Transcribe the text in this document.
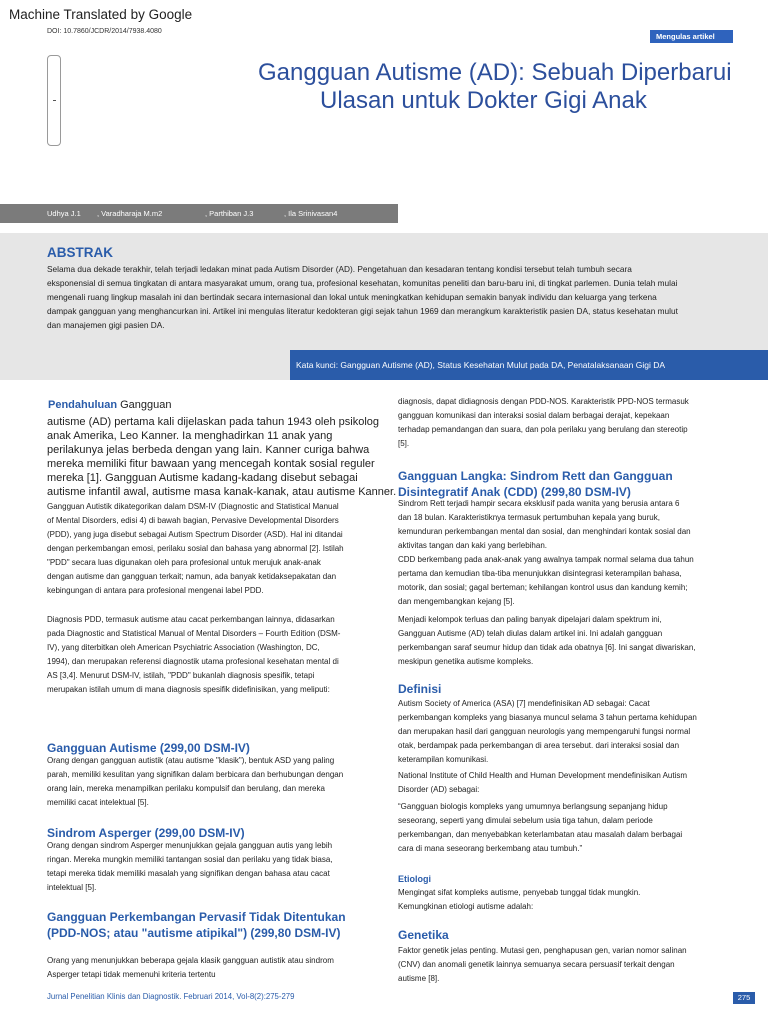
Machine Translated by Google
DOI: 10.7860/JCDR/2014/7938.4080
Mengulas artikel
Gangguan Autisme (AD): Sebuah Diperbarui
Ulasan untuk Dokter Gigi Anak
Udhya J.1 , Varadharaja M.m2	, Parthiban J.3	, Ila Srinivasan4
ABSTRAK
Selama dua dekade terakhir, telah terjadi ledakan minat pada Autism Disorder (AD). Pengetahuan dan kesadaran tentang kondisi tersebut telah tumbuh secara
eksponensial di semua tingkatan di antara masyarakat umum, orang tua, profesional kesehatan, komunitas peneliti dan baru-baru ini, di tingkat parlemen. Dunia telah mulai
mengenali ruang lingkup masalah ini dan bertindak secara internasional dan lokal untuk meningkatkan kehidupan semakin banyak individu dan keluarga yang terkena
dampak gangguan yang menghancurkan ini. Artikel ini mengulas literatur kedokteran gigi sejak tahun 1969 dan merangkum karakteristik pasien DA, status kesehatan mulut
dan manajemen gigi pasien DA.
Kata kunci: Gangguan Autisme (AD), Status Kesehatan Mulut pada DA, Penatalaksanaan Gigi DA
Pendahuluan Gangguan
autisme (AD) pertama kali dijelaskan pada tahun 1943 oleh psikolog
anak Amerika, Leo Kanner. Ia menghadirkan 11 anak yang
perilakunya jelas berbeda dengan yang lain. Kanner curiga bahwa
mereka memiliki fitur bawaan yang mencegah kontak sosial reguler
mereka [1]. Gangguan Autisme kadang-kadang disebut sebagai
autisme infantil awal, autisme masa kanak-kanak, atau autisme Kanner.
Gangguan Autistik dikategorikan dalam DSM-IV (Diagnostic and Statistical Manual
of Mental Disorders, edisi 4) di bawah bagian, Pervasive Developmental Disorders
(PDD), yang juga disebut sebagai Autism Spectrum Disorder (ASD). Hal ini ditandai
dengan perkembangan emosi, perilaku sosial dan bahasa yang abnormal [2]. Istilah
"PDD" secara luas digunakan oleh para profesional untuk merujuk anak-anak
dengan autisme dan gangguan terkait; namun, ada banyak ketidaksepakatan dan
kebingungan di antara para profesional mengenai label PDD.
Diagnosis PDD, termasuk autisme atau cacat perkembangan lainnya, didasarkan
pada Diagnostic and Statistical Manual of Mental Disorders – Fourth Edition (DSM-
IV), yang diterbitkan oleh American Psychiatric Association (Washington, DC,
1994), dan merupakan referensi diagnostik utama profesional kesehatan mental di
AS [3,4]. Menurut DSM-IV, istilah, "PDD" bukanlah diagnosis spesifik, tetapi
merupakan istilah umum di mana diagnosis spesifik didefinisikan, yang meliputi:
Gangguan Autisme (299,00 DSM-IV)
Orang dengan gangguan autistik (atau autisme "klasik"), bentuk ASD yang paling
parah, memiliki kesulitan yang signifikan dalam berbicara dan berhubungan dengan
orang lain, mereka menampilkan perilaku kompulsif dan berulang, dan mereka
memiliki cacat intelektual [5].
Sindrom Asperger (299,00 DSM-IV)
Orang dengan sindrom Asperger menunjukkan gejala gangguan autis yang lebih
ringan. Mereka mungkin memiliki tantangan sosial dan perilaku yang tidak biasa,
tetapi mereka tidak memiliki masalah yang signifikan dengan bahasa atau cacat
intelektual [5].
Gangguan Perkembangan Pervasif Tidak Ditentukan
(PDD-NOS; atau "autisme atipikal") (299,80 DSM-IV)
Orang yang menunjukkan beberapa gejala klasik gangguan autistik atau sindrom
Asperger tetapi tidak memenuhi kriteria tertentu
diagnosis, dapat didiagnosis dengan PDD-NOS. Karakteristik PPD-NOS termasuk
gangguan komunikasi dan interaksi sosial dalam berbagai derajat, kepekaan
terhadap pemandangan dan suara, dan pola perilaku yang berulang dan stereotip
[5].
Gangguan Langka: Sindrom Rett dan Gangguan
Disintegratif Anak (CDD) (299,80 DSM-IV)
Sindrom Rett terjadi hampir secara eksklusif pada wanita yang berusia antara 6
dan 18 bulan. Karakteristiknya termasuk pertumbuhan kepala yang buruk,
kemunduran perkembangan mental dan sosial, dan menghindari kontak sosial dan
aktivitas tangan dan kaki yang berlebihan.
CDD berkembang pada anak-anak yang awalnya tampak normal selama dua tahun
pertama dan kemudian tiba-tiba menunjukkan disintegrasi keterampilan bahasa,
motorik, dan sosial; gagal berteman; kehilangan kontrol usus dan kandung kemih;
dan mengembangkan kejang [5].
Menjadi kelompok terluas dan paling banyak dipelajari dalam spektrum ini,
Gangguan Autisme (AD) telah diulas dalam artikel ini. Ini adalah gangguan
perkembangan saraf seumur hidup dan tidak ada obatnya [6]. Ini sangat diwariskan,
meskipun genetika autisme kompleks.
Definisi
Autism Society of America (ASA) [7] mendefinisikan AD sebagai: Cacat
perkembangan kompleks yang biasanya muncul selama 3 tahun pertama kehidupan
dan merupakan hasil dari gangguan neurologis yang mempengaruhi fungsi normal
otak, berdampak pada perkembangan di area tersebut. dari interaksi sosial dan
keterampilan komunikasi.
National Institute of Child Health and Human Development mendefinisikan Autism
Disorder (AD) sebagai:
“Gangguan biologis kompleks yang umumnya berlangsung sepanjang hidup
seseorang, seperti yang dimulai sebelum usia tiga tahun, dalam periode
perkembangan, dan menyebabkan keterlambatan atau masalah dalam berbagai
cara di mana seseorang berkembang atau tumbuh.”
Etiologi
Mengingat sifat kompleks autisme, penyebab tunggal tidak mungkin.
Kemungkinan etiologi autisme adalah:
Genetika
Faktor genetik jelas penting. Mutasi gen, penghapusan gen, varian nomor salinan
(CNV) dan anomali genetik lainnya semuanya secara persuasif terkait dengan
autisme [8].
Jurnal Penelitian Klinis dan Diagnostik. Februari 2014, Vol-8(2):275-279	275
